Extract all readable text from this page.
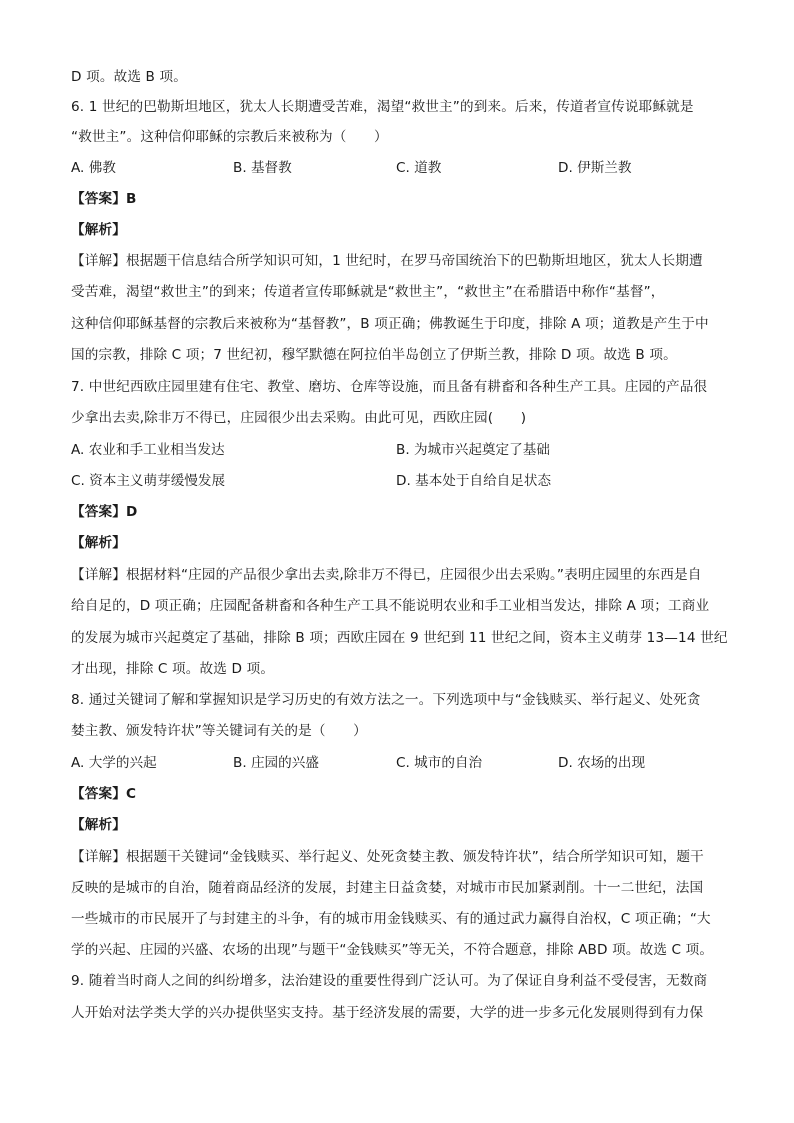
D 项。故选 B 项。
6. 1 世纪的巴勒斯坦地区，犹太人长期遭受苦难，渴望“救世主”的到来。后来，传道者宣传说耶稣就是
“救世主”。这种信仰耶稣的宗教后来被称为（　　）
A. 佛教	B. 基督教	C. 道教	D. 伊斯兰教
【答案】B
【解析】
【详解】根据题干信息结合所学知识可知，1 世纪时，在罗马帝国统治下的巴勒斯坦地区，犹太人长期遭
受苦难，渴望“救世主”的到来；传道者宣传耶稣就是“救世主”，“救世主”在希腊语中称作“基督”，
这种信仰耶稣基督的宗教后来被称为“基督教”，B 项正确；佛教诞生于印度，排除 A 项；道教是产生于中
国的宗教，排除 C 项；7 世纪初，穆罕默德在阿拉伯半岛创立了伊斯兰教，排除 D 项。故选 B 项。
7. 中世纪西欧庄园里建有住宅、教堂、磨坊、仓库等设施，而且备有耕畜和各种生产工具。庄园的产品很
少拿出去卖,除非万不得已，庄园很少出去采购。由此可见，西欧庄园(　　)
A. 农业和手工业相当发达	B. 为城市兴起奠定了基础
C. 资本主义萌芽缓慢发展	D. 基本处于自给自足状态
【答案】D
【解析】
【详解】根据材料“庄园的产品很少拿出去卖,除非万不得已，庄园很少出去采购。”表明庄园里的东西是自
给自足的，D 项正确；庄园配备耕畜和各种生产工具不能说明农业和手工业相当发达，排除 A 项；工商业
的发展为城市兴起奠定了基础，排除 B 项；西欧庄园在 9 世纪到 11 世纪之间，资本主义萌芽 13—14 世纪
才出现，排除 C 项。故选 D 项。
8. 通过关键词了解和掌握知识是学习历史的有效方法之一。下列选项中与“金钱赎买、举行起义、处死贪
婪主教、颁发特许状”等关键词有关的是（　　）
A. 大学的兴起	B. 庄园的兴盛	C. 城市的自治	D. 农场的出现
【答案】C
【解析】
【详解】根据题干关键词“金钱赎买、举行起义、处死贪婪主教、颁发特许状”，结合所学知识可知，题干
反映的是城市的自治，随着商品经济的发展，封建主日益贪婪，对城市市民加紧剥削。十一二世纪，法国
一些城市的市民展开了与封建主的斗争，有的城市用金钱赎买、有的通过武力赢得自治权，C 项正确；“大
学的兴起、庄园的兴盛、农场的出现”与题干“金钱赎买”等无关，不符合题意，排除 ABD 项。故选 C 项。
9. 随着当时商人之间的纠纷增多，法治建设的重要性得到广泛认可。为了保证自身利益不受侵害，无数商
人开始对法学类大学的兴办提供坚实支持。基于经济发展的需要，大学的进一步多元化发展则得到有力保
